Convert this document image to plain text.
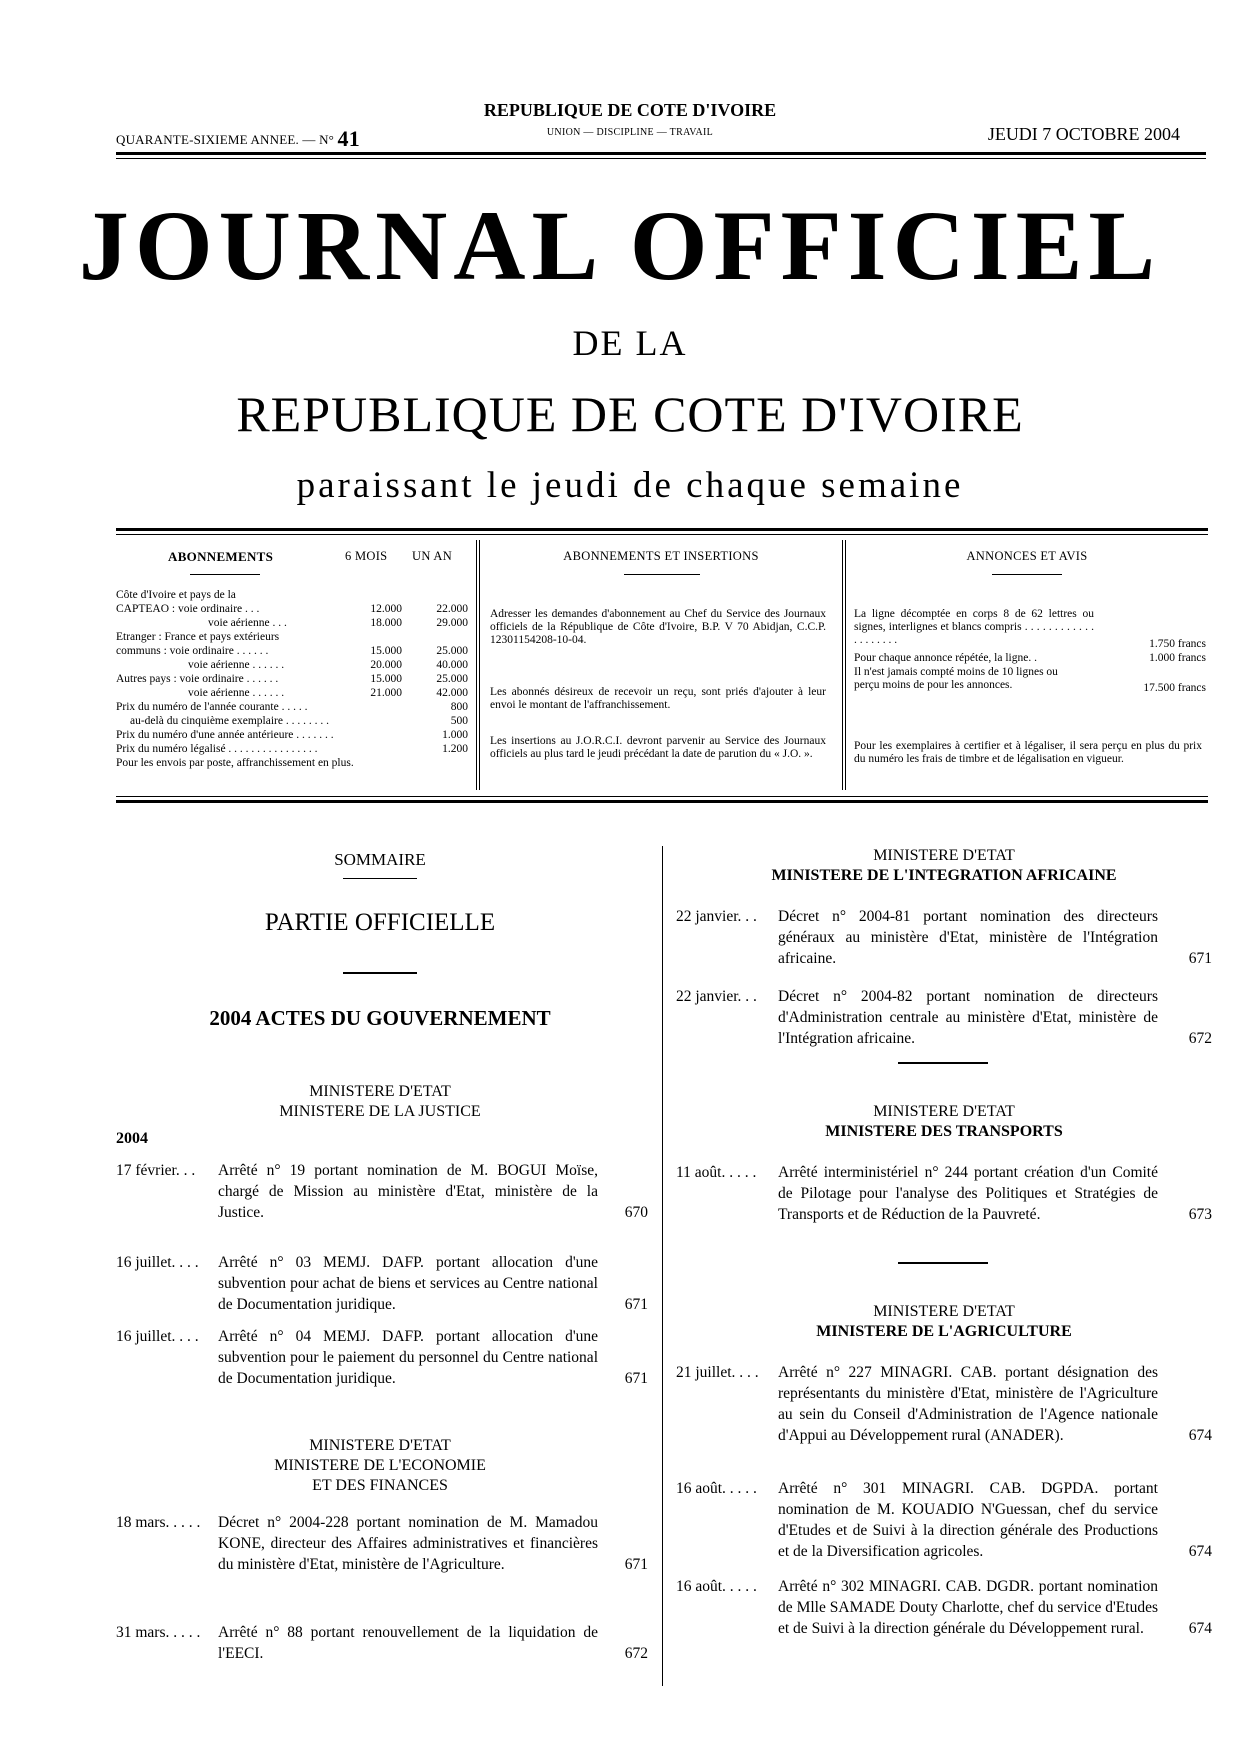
QUARANTE-SIXIEME ANNEE. — N° 41
REPUBLIQUE DE COTE D'IVOIRE
UNION — DISCIPLINE — TRAVAIL	JEUDI 7 OCTOBRE 2004
JOURNAL OFFICIEL
DE LA
REPUBLIQUE DE COTE D'IVOIRE
paraissant le jeudi de chaque semaine
ABONNEMENTS	6 MOIS UN AN
Côte d'Ivoire et pays de la
CAPTEAO : voie ordinaire . . .	12.000	22.000
voie aérienne . . .	18.000	29.000
Etranger : France et pays extérieurs
communs : voie ordinaire . . . . . .	15.000	25.000
voie aérienne . . . . . .	20.000	40.000
Autres pays : voie ordinaire . . . . . .	15.000	25.000
voie aérienne . . . . . .	21.000	42.000
Prix du numéro de l'année courante . . . . .	800
au-delà du cinquième exemplaire . . . . . . . .	500
Prix du numéro d'une année antérieure . . . . . . .	1.000
Prix du numéro légalisé . . . . . . . . . . . . . . . .	1.200
Pour les envois par poste, affranchissement en plus.
ABONNEMENTS ET INSERTIONS
Adresser les demandes d'abonnement au Chef du Service des Journaux officiels de la République de Côte d'Ivoire, B.P. V 70 Abidjan, C.C.P. 12301154208-10-04.
Les abonnés désireux de recevoir un reçu, sont priés d'ajouter à leur envoi le montant de l'affranchissement.
Les insertions au J.O.R.C.I. devront parvenir au Service des Journaux officiels au plus tard le jeudi précédant la date de parution du « J.O. ».
ANNONCES ET AVIS
La ligne décomptée en corps 8 de 62 lettres ou signes, interlignes et blancs compris . . . . . . . . . . . . . . . . . . . .	1.750 francs
Pour chaque annonce répétée, la ligne. .	1.000 francs
Il n'est jamais compté moins de 10 lignes ou perçu moins de pour les annonces.	17.500 francs
Pour les exemplaires à certifier et à légaliser, il sera perçu en plus du prix du numéro les frais de timbre et de légalisation en vigueur.
SOMMAIRE
PARTIE OFFICIELLE
2004 ACTES DU GOUVERNEMENT
MINISTERE D'ETAT
MINISTERE DE LA JUSTICE
2004
17 février. . . Arrêté n° 19 portant nomination de M. BOGUI Moïse, chargé de Mission au ministère d'Etat, ministère de la Justice.	670
16 juillet. . . . Arrêté n° 03 MEMJ. DAFP. portant allocation d'une subvention pour achat de biens et services au Centre national de Documentation juridique.	671
16 juillet. . . . Arrêté n° 04 MEMJ. DAFP. portant allocation d'une subvention pour le paiement du personnel du Centre national de Documentation juridique.	671
MINISTERE D'ETAT
MINISTERE DE L'ECONOMIE
ET DES FINANCES
18 mars. . . . . Décret n° 2004-228 portant nomination de M. Mamadou KONE, directeur des Affaires administratives et financières du ministère d'Etat, ministère de l'Agriculture.	671
31 mars. . . . . Arrêté n° 88 portant renouvellement de la liquidation de l'EECI.	672
MINISTERE D'ETAT
MINISTERE DE L'INTEGRATION AFRICAINE
22 janvier. . . Décret n° 2004-81 portant nomination des directeurs généraux au ministère d'Etat, ministère de l'Intégration africaine.	671
22 janvier. . . Décret n° 2004-82 portant nomination de directeurs d'Administration centrale au ministère d'Etat, ministère de l'Intégration africaine.	672
MINISTERE D'ETAT
MINISTERE DES TRANSPORTS
11 août. . . . . Arrêté interministériel n° 244 portant création d'un Comité de Pilotage pour l'analyse des Politiques et Stratégies de Transports et de Réduction de la Pauvreté.	673
MINISTERE D'ETAT
MINISTERE DE L'AGRICULTURE
21 juillet. . . . Arrêté n° 227 MINAGRI. CAB. portant désignation des représentants du ministère d'Etat, ministère de l'Agriculture au sein du Conseil d'Administration de l'Agence nationale d'Appui au Développement rural (ANADER).	674
16 août. . . . . Arrêté n° 301 MINAGRI. CAB. DGPDA. portant nomination de M. KOUADIO N'Guessan, chef du service d'Etudes et de Suivi à la direction générale des Productions et de la Diversification agricoles.	674
16 août. . . . . Arrêté n° 302 MINAGRI. CAB. DGDR. portant nomination de Mlle SAMADE Douty Charlotte, chef du service d'Etudes et de Suivi à la direction générale du Développement rural.	674
